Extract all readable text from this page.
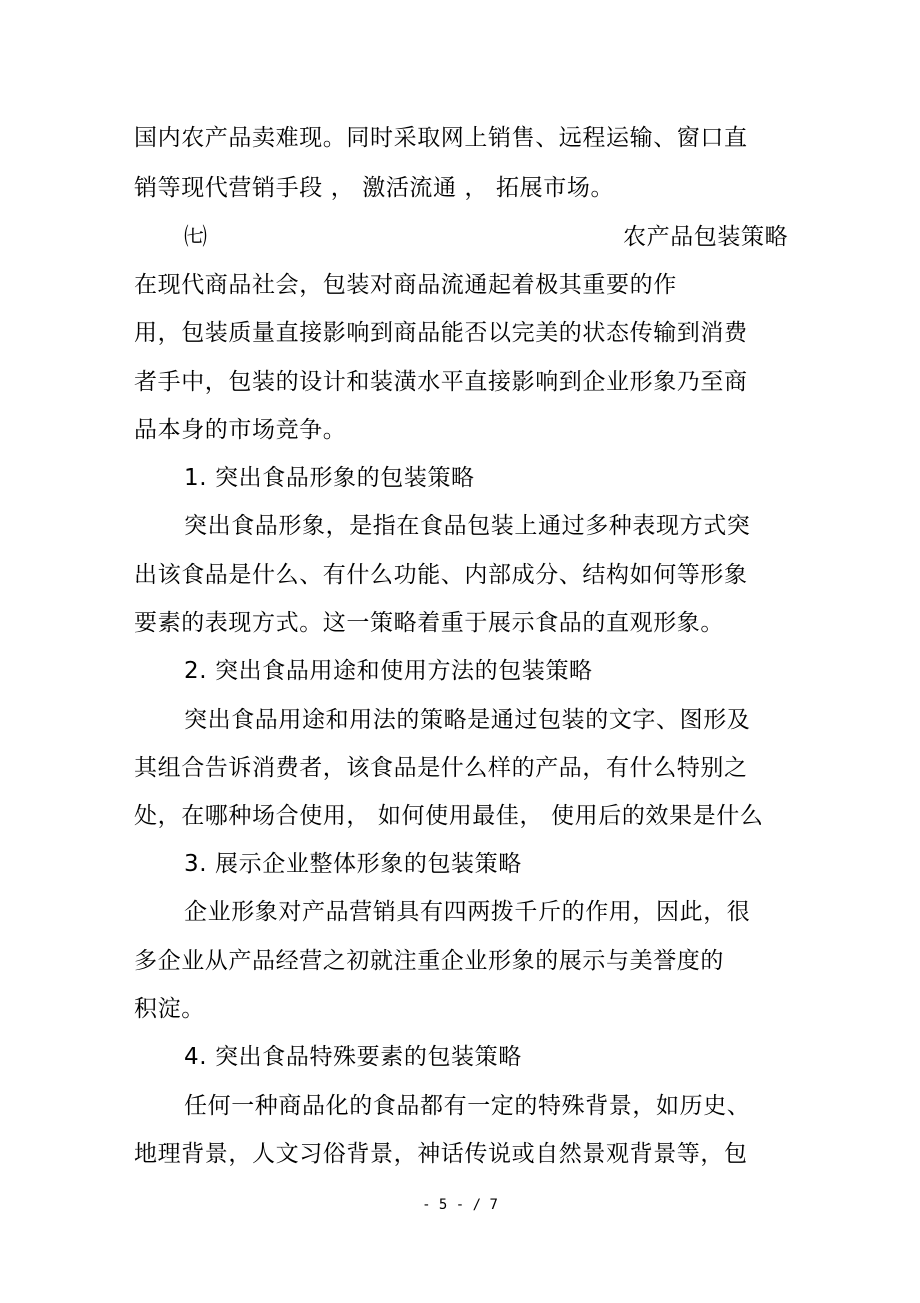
国内农产品卖难现。同时采取网上销售、远程运输、窗口直
销等现代营销手段 ， 激活流通 ， 拓展市场。
㈦	农产品包装策略
在现代商品社会，包装对商品流通起着极其重要的作
用，包装质量直接影响到商品能否以完美的状态传输到消费
者手中，包装的设计和装潢水平直接影响到企业形象乃至商
品本身的市场竞争。
1. 突出食品形象的包装策略
突出食品形象，是指在食品包装上通过多种表现方式突
出该食品是什么、有什么功能、内部成分、结构如何等形象
要素的表现方式。这一策略着重于展示食品的直观形象。
2. 突出食品用途和使用方法的包装策略
突出食品用途和用法的策略是通过包装的文字、图形及
其组合告诉消费者，该食品是什么样的产品，有什么特别之
处，在哪种场合使用， 如何使用最佳， 使用后的效果是什么
3. 展示企业整体形象的包装策略
企业形象对产品营销具有四两拨千斤的作用，因此，很
多企业从产品经营之初就注重企业形象的展示与美誉度的
积淀。
4. 突出食品特殊要素的包装策略
任何一种商品化的食品都有一定的特殊背景，如历史、
地理背景，人文习俗背景，神话传说或自然景观背景等，包
- 5 - / 7
